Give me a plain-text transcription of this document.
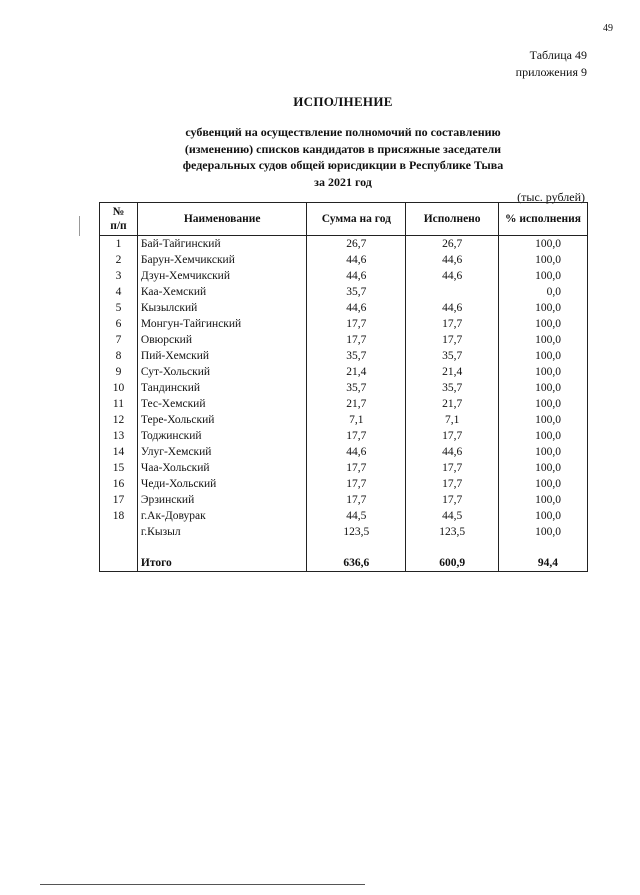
49
Таблица 49
приложения 9
ИСПОЛНЕНИЕ
субвенций на осуществление полномочий по составлению
(изменению) списков кандидатов в присяжные заседатели
федеральных судов общей юрисдикции в Республике Тыва
за 2021 год
(тыс. рублей)
№
п/п	Наименование	Сумма на год	Исполнено	% исполнения
1	Бай-Тайгинский	26,7	26,7	100,0
2	Барун-Хемчикский	44,6	44,6	100,0
3	Дзун-Хемчикский	44,6	44,6	100,0
4	Каа-Хемский	35,7		0,0
5	Кызылский	44,6	44,6	100,0
6	Монгун-Тайгинский	17,7	17,7	100,0
7	Овюрский	17,7	17,7	100,0
8	Пий-Хемский	35,7	35,7	100,0
9	Сут-Хольский	21,4	21,4	100,0
10	Тандинский	35,7	35,7	100,0
11	Тес-Хемский	21,7	21,7	100,0
12	Тере-Хольский	7,1	7,1	100,0
13	Тоджинский	17,7	17,7	100,0
14	Улуг-Хемский	44,6	44,6	100,0
15	Чаа-Хольский	17,7	17,7	100,0
16	Чеди-Хольский	17,7	17,7	100,0
17	Эрзинский	17,7	17,7	100,0
18	г.Ак-Довурак	44,5	44,5	100,0
	г.Кызыл	123,5	123,5	100,0

	Итого	636,6	600,9	94,4
